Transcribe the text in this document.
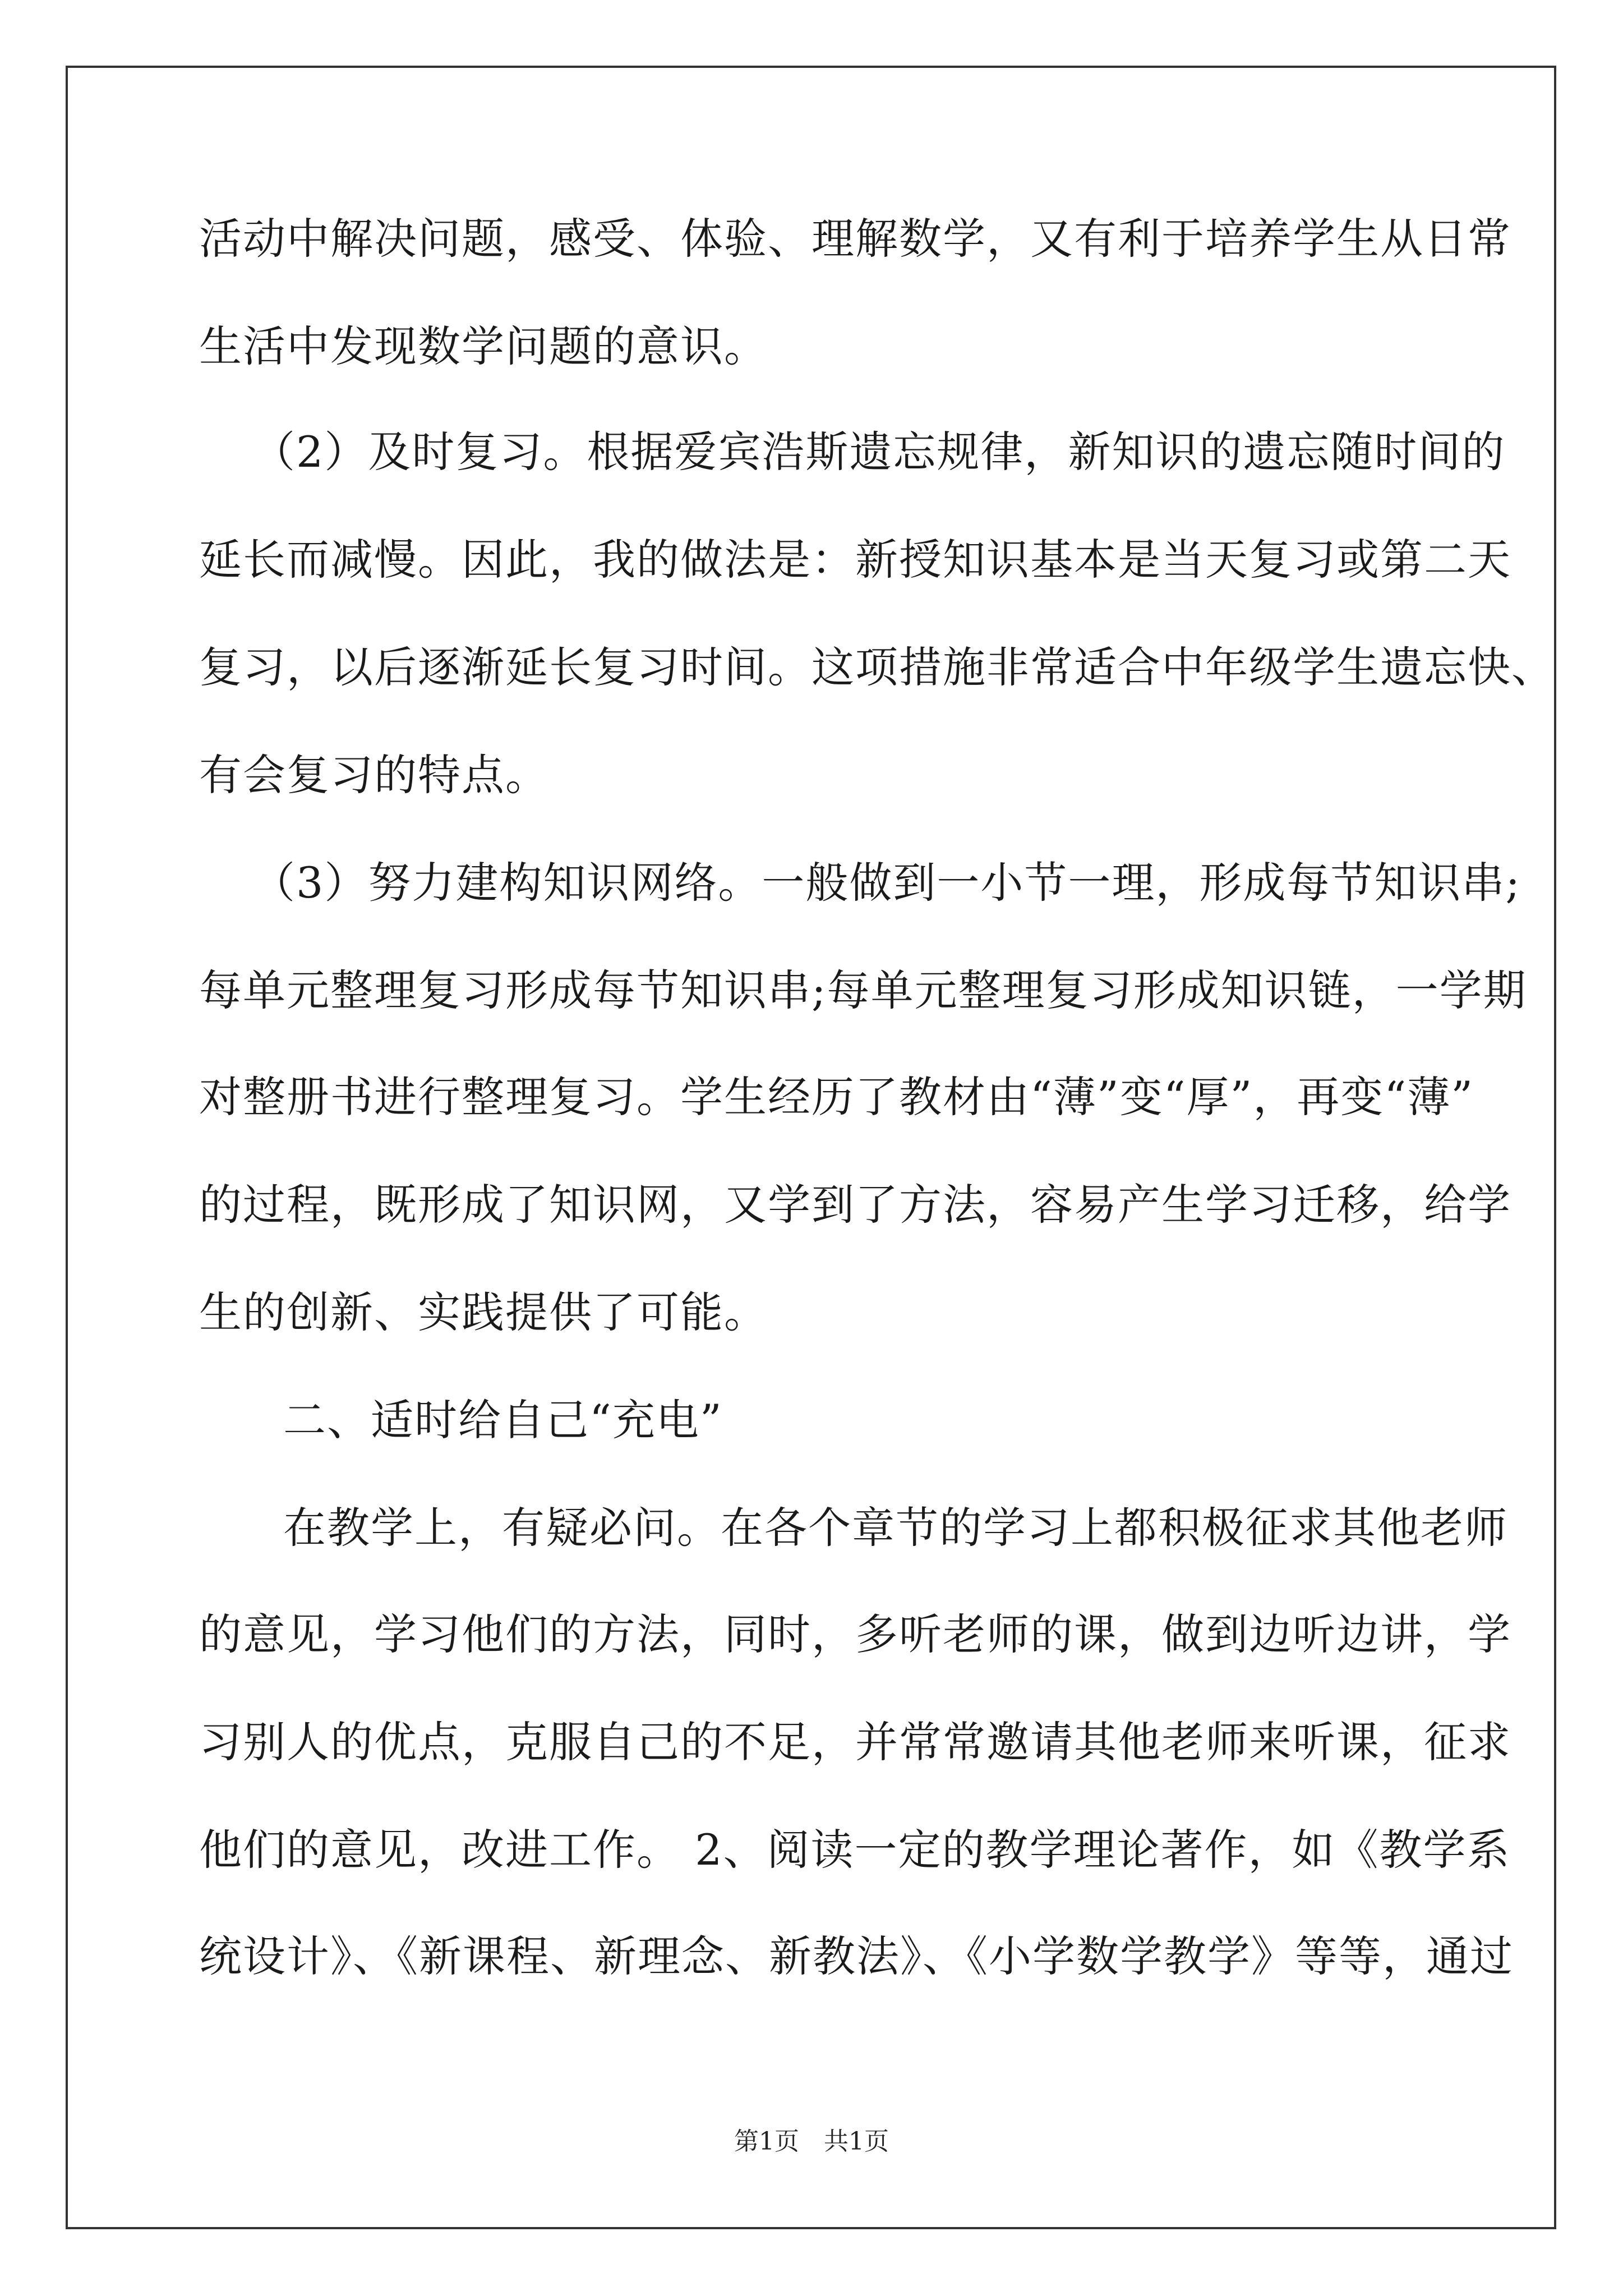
活动中解决问题，感受、体验、理解数学，又有利于培养学生从日常
生活中发现数学问题的意识。
（2）及时复习。根据爱宾浩斯遗忘规律，新知识的遗忘随时间的
延长而减慢。因此，我的做法是：新授知识基本是当天复习或第二天
复习，以后逐渐延长复习时间。这项措施非常适合中年级学生遗忘快、
有会复习的特点。
（3）努力建构知识网络。一般做到一小节一理，形成每节知识串;
每单元整理复习形成每节知识串;每单元整理复习形成知识链，一学期
对整册书进行整理复习。学生经历了教材由“薄”变“厚”，再变“薄”
的过程，既形成了知识网，又学到了方法，容易产生学习迁移，给学
生的创新、实践提供了可能。
二、适时给自己“充电”
在教学上，有疑必问。在各个章节的学习上都积极征求其他老师
的意见，学习他们的方法，同时，多听老师的课，做到边听边讲，学
习别人的优点，克服自己的不足，并常常邀请其他老师来听课，征求
他们的意见，改进工作。 2、阅读一定的教学理论著作，如《教学系
统设计》、《新课程、新理念、新教法》、《小学数学教学》等等，通过
第1页　共1页
